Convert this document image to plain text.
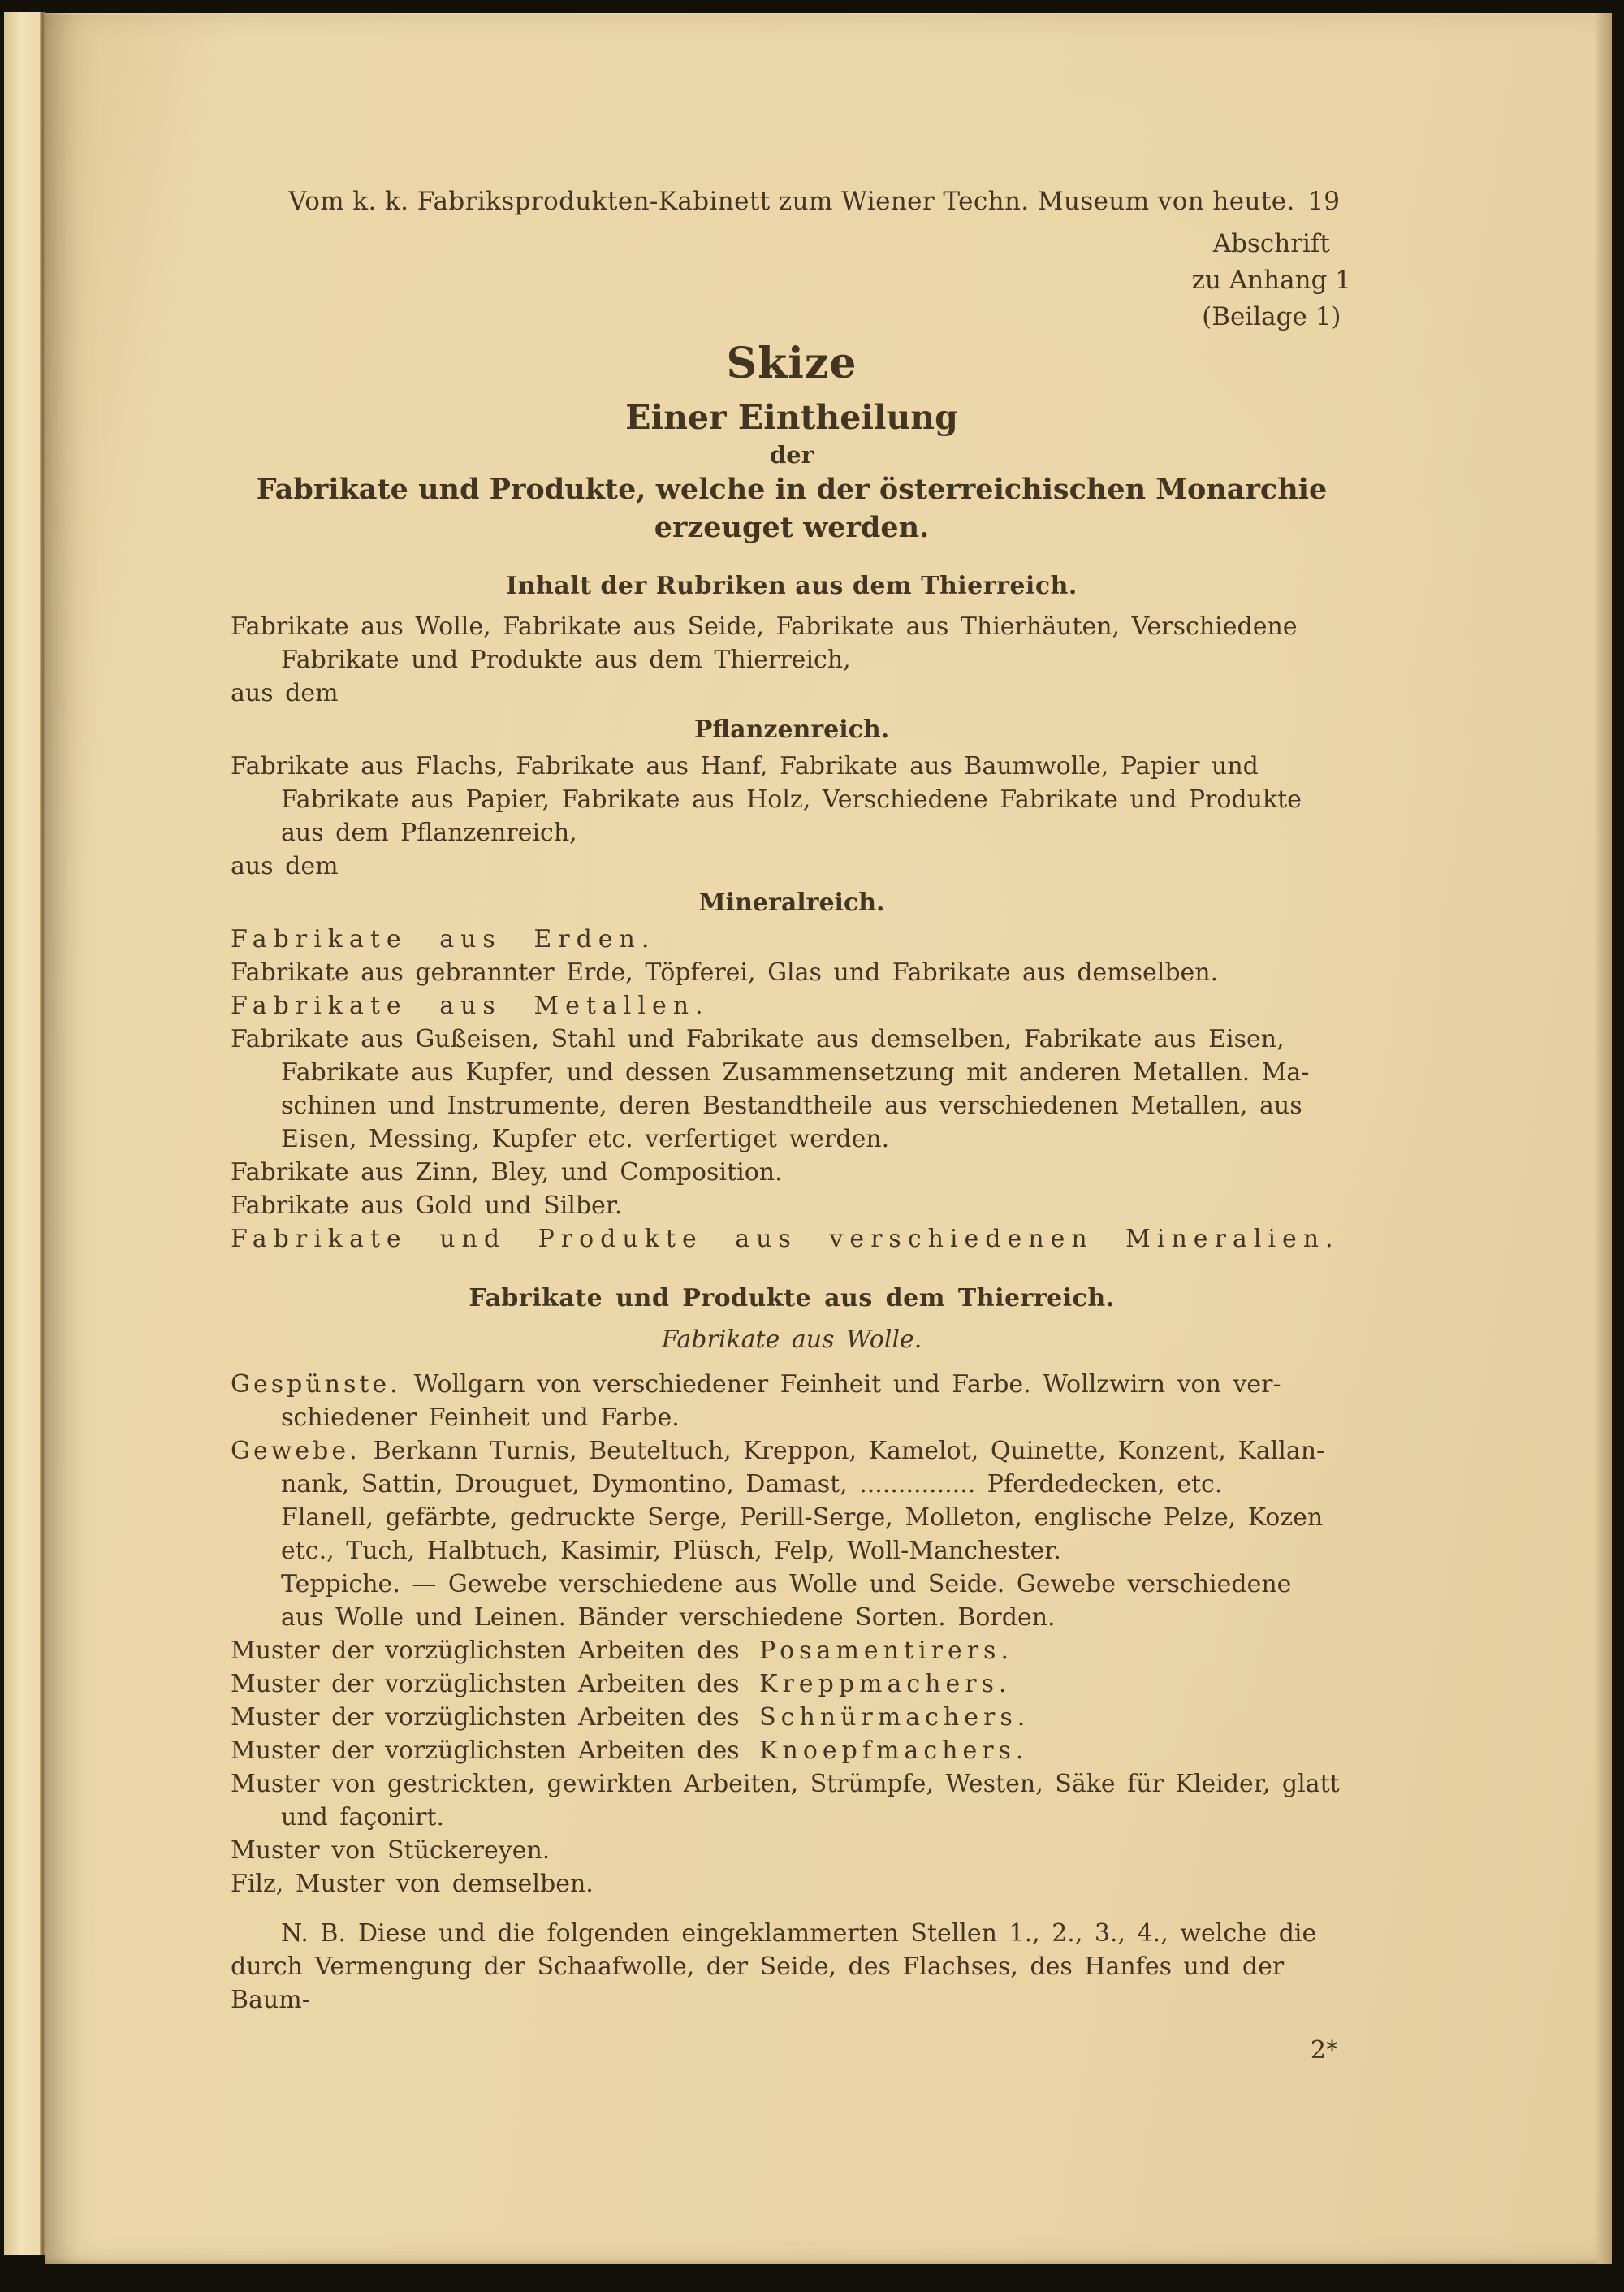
Vom k. k. Fabriksprodukten-Kabinett zum Wiener Techn. Museum von heute. 19
Abschrift
zu Anhang 1
(Beilage 1)
Skize
Einer Eintheilung
der
Fabrikate und Produkte, welche in der österreichischen Monarchie
erzeuget werden.
Inhalt der Rubriken aus dem Thierreich.
Fabrikate aus Wolle, Fabrikate aus Seide, Fabrikate aus Thierhäuten, Verschiedene
Fabrikate und Produkte aus dem Thierreich,
aus dem
Pflanzenreich.
Fabrikate aus Flachs, Fabrikate aus Hanf, Fabrikate aus Baumwolle, Papier und
Fabrikate aus Papier, Fabrikate aus Holz, Verschiedene Fabrikate und Produkte
aus dem Pflanzenreich,
aus dem
Mineralreich.
Fabrikate aus Erden.
Fabrikate aus gebrannter Erde, Töpferei, Glas und Fabrikate aus demselben.
Fabrikate aus Metallen.
Fabrikate aus Gußeisen, Stahl und Fabrikate aus demselben, Fabrikate aus Eisen,
Fabrikate aus Kupfer, und dessen Zusammensetzung mit anderen Metallen. Ma-
schinen und Instrumente, deren Bestandtheile aus verschiedenen Metallen, aus
Eisen, Messing, Kupfer etc. verfertiget werden.
Fabrikate aus Zinn, Bley, und Composition.
Fabrikate aus Gold und Silber.
Fabrikate und Produkte aus verschiedenen Mineralien.
Fabrikate und Produkte aus dem Thierreich.
Fabrikate aus Wolle.
Gespünste. Wollgarn von verschiedener Feinheit und Farbe. Wollzwirn von ver-
schiedener Feinheit und Farbe.
Gewebe. Berkann Turnis, Beuteltuch, Kreppon, Kamelot, Quinette, Konzent, Kallan-
nank, Sattin, Drouguet, Dymontino, Damast, ............... Pferdedecken, etc.
Flanell, gefärbte, gedruckte Serge, Perill-Serge, Molleton, englische Pelze, Kozen
etc., Tuch, Halbtuch, Kasimir, Plüsch, Felp, Woll-Manchester.
Teppiche. — Gewebe verschiedene aus Wolle und Seide. Gewebe verschiedene
aus Wolle und Leinen. Bänder verschiedene Sorten. Borden.
Muster der vorzüglichsten Arbeiten des Posamentirers.
Muster der vorzüglichsten Arbeiten des Kreppmachers.
Muster der vorzüglichsten Arbeiten des Schnürmachers.
Muster der vorzüglichsten Arbeiten des Knoepfmachers.
Muster von gestrickten, gewirkten Arbeiten, Strümpfe, Westen, Säke für Kleider, glatt
und façonirt.
Muster von Stückereyen.
Filz, Muster von demselben.
N. B. Diese und die folgenden eingeklammerten Stellen 1., 2., 3., 4., welche die
durch Vermengung der Schaafwolle, der Seide, des Flachses, des Hanfes und der Baum-
2*
